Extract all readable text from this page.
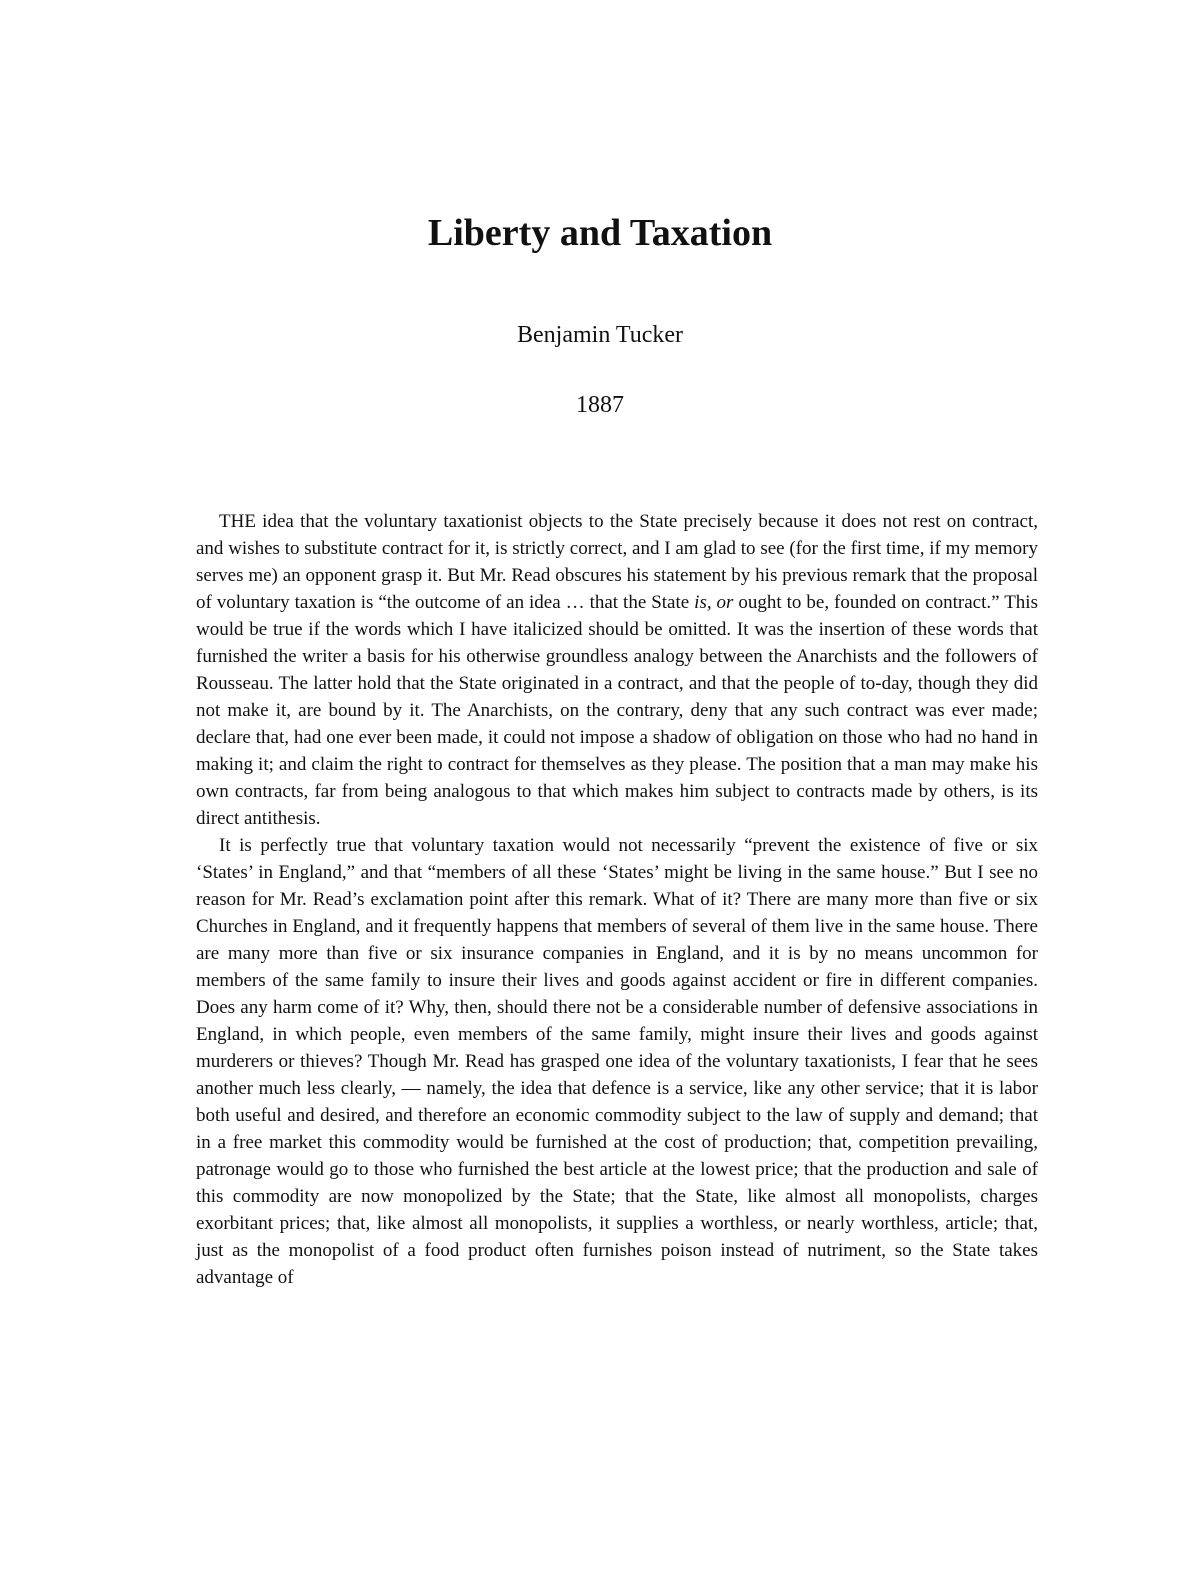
Liberty and Taxation
Benjamin Tucker
1887

THE idea that the voluntary taxationist objects to the State precisely because it does not rest on contract, and wishes to substitute contract for it, is strictly correct, and I am glad to see (for the first time, if my memory serves me) an opponent grasp it. But Mr. Read obscures his statement by his previous remark that the proposal of voluntary taxation is “the outcome of an idea … that the State is, or ought to be, founded on contract.” This would be true if the words which I have italicized should be omitted. It was the insertion of these words that furnished the writer a basis for his otherwise groundless analogy between the Anarchists and the followers of Rousseau. The latter hold that the State originated in a contract, and that the people of to-day, though they did not make it, are bound by it. The Anarchists, on the contrary, deny that any such contract was ever made; declare that, had one ever been made, it could not impose a shadow of obligation on those who had no hand in making it; and claim the right to contract for themselves as they please. The position that a man may make his own contracts, far from being analogous to that which makes him subject to contracts made by others, is its direct antithesis.

It is perfectly true that voluntary taxation would not necessarily “prevent the existence of five or six ‘States’ in England,” and that “members of all these ‘States’ might be living in the same house.” But I see no reason for Mr. Read’s exclamation point after this remark. What of it? There are many more than five or six Churches in England, and it frequently happens that members of several of them live in the same house. There are many more than five or six insurance companies in England, and it is by no means uncommon for members of the same family to insure their lives and goods against accident or fire in different companies. Does any harm come of it? Why, then, should there not be a considerable number of defensive associations in England, in which people, even members of the same family, might insure their lives and goods against murderers or thieves? Though Mr. Read has grasped one idea of the voluntary taxationists, I fear that he sees another much less clearly, — namely, the idea that defence is a service, like any other service; that it is labor both useful and desired, and therefore an economic commodity subject to the law of supply and demand; that in a free market this commodity would be furnished at the cost of production; that, competition prevailing, patronage would go to those who furnished the best article at the lowest price; that the production and sale of this commodity are now monopolized by the State; that the State, like almost all monopolists, charges exorbitant prices; that, like almost all monopolists, it supplies a worthless, or nearly worthless, article; that, just as the monopolist of a food product often furnishes poison instead of nutriment, so the State takes advantage of
